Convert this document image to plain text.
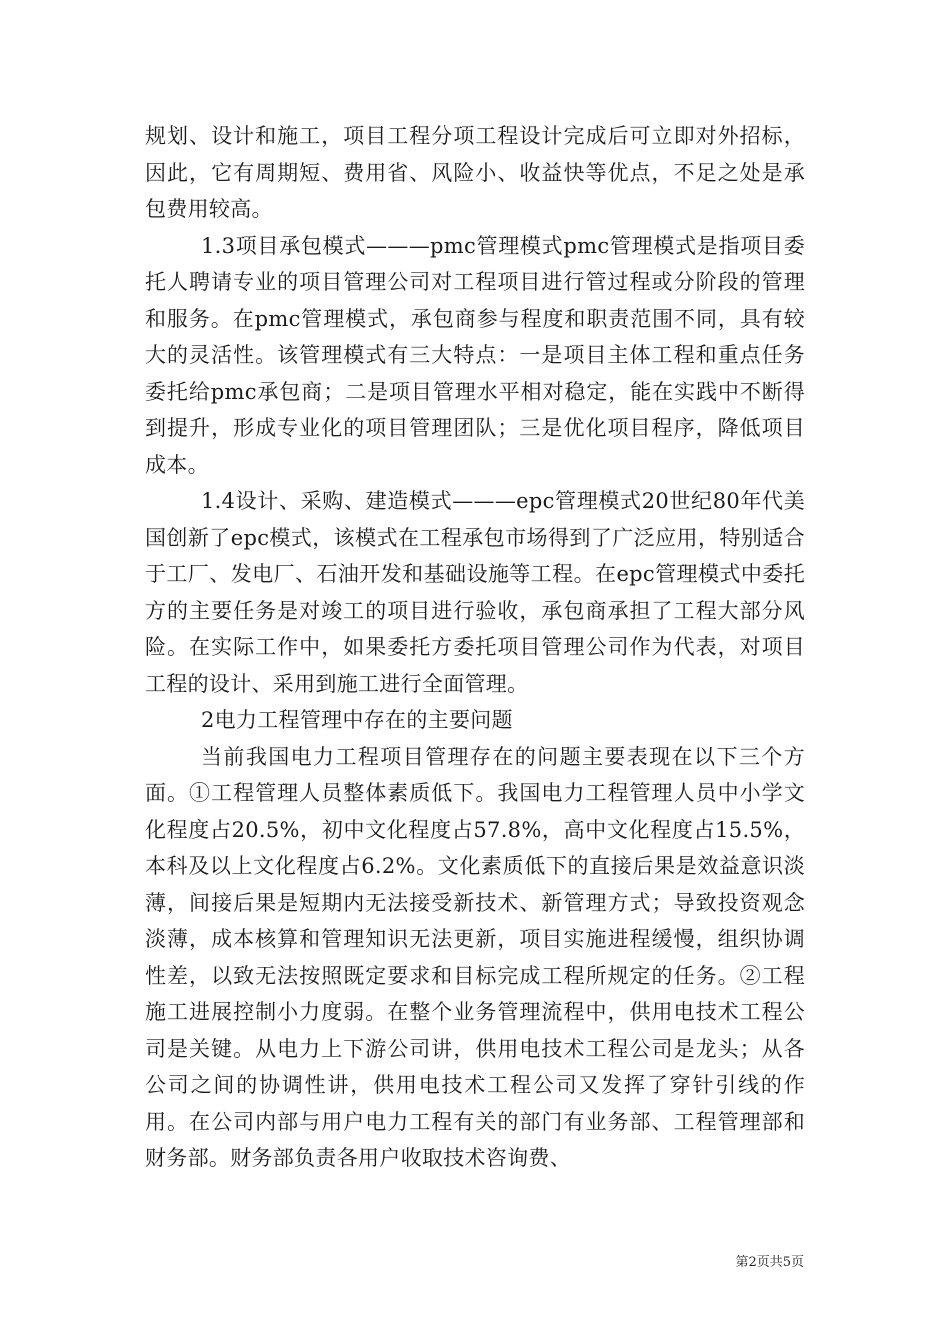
规划、设计和施工，项目工程分项工程设计完成后可立即对外招标，因此，它有周期短、费用省、风险小、收益快等优点，不足之处是承包费用较高。

1.3项目承包模式———pmc管理模式pmc管理模式是指项目委托人聘请专业的项目管理公司对工程项目进行管过程或分阶段的管理和服务。在pmc管理模式，承包商参与程度和职责范围不同，具有较大的灵活性。该管理模式有三大特点：一是项目主体工程和重点任务委托给pmc承包商；二是项目管理水平相对稳定，能在实践中不断得到提升，形成专业化的项目管理团队；三是优化项目程序，降低项目成本。

1.4设计、采购、建造模式———epc管理模式20世纪80年代美国创新了epc模式，该模式在工程承包市场得到了广泛应用，特别适合于工厂、发电厂、石油开发和基础设施等工程。在epc管理模式中委托方的主要任务是对竣工的项目进行验收，承包商承担了工程大部分风险。在实际工作中，如果委托方委托项目管理公司作为代表，对项目工程的设计、采用到施工进行全面管理。

2电力工程管理中存在的主要问题

当前我国电力工程项目管理存在的问题主要表现在以下三个方面。①工程管理人员整体素质低下。我国电力工程管理人员中小学文化程度占20.5%，初中文化程度占57.8%，高中文化程度占15.5%，本科及以上文化程度占6.2%。文化素质低下的直接后果是效益意识淡薄，间接后果是短期内无法接受新技术、新管理方式；导致投资观念淡薄，成本核算和管理知识无法更新，项目实施进程缓慢，组织协调性差，以致无法按照既定要求和目标完成工程所规定的任务。②工程施工进展控制小力度弱。在整个业务管理流程中，供用电技术工程公司是关键。从电力上下游公司讲，供用电技术工程公司是龙头；从各公司之间的协调性讲，供用电技术工程公司又发挥了穿针引线的作用。在公司内部与用户电力工程有关的部门有业务部、工程管理部和财务部。财务部负责各用户收取技术咨询费、

第2页共5页
